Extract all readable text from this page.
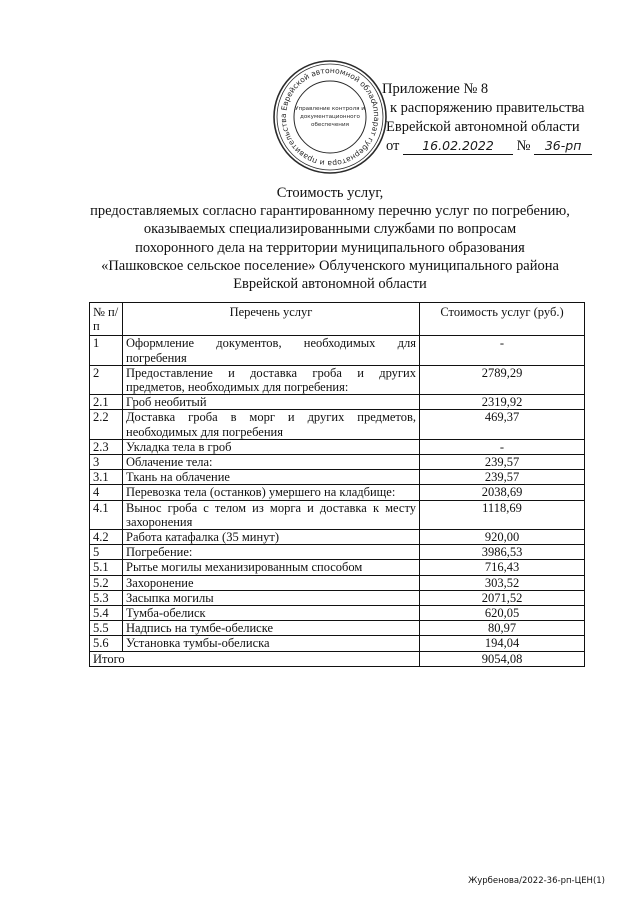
Аппарат губернатора и правительства Еврейской автономной области
Управление контроля и
документационного
обеспечения
Приложение № 8
к распоряжению правительства
Еврейской автономной области
от 16.02.2022 № 36-рп
Стоимость услуг,
предоставляемых согласно гарантированному перечню услуг по погребению,
оказываемых специализированными службами по вопросам
похоронного дела на территории муниципального образования
«Пашковское сельское поселение» Облученского муниципального района
Еврейской автономной области
№ п/п	Перечень услуг	Стоимость услуг (руб.)
1	Оформление документов, необходимых для погребения	-
2	Предоставление и доставка гроба и других предметов, необходимых для погребения:	2789,29
2.1	Гроб необитый	2319,92
2.2	Доставка гроба в морг и других предметов, необходимых для погребения	469,37
2.3	Укладка тела в гроб	-
3	Облачение тела:	239,57
3.1	Ткань на облачение	239,57
4	Перевозка тела (останков) умершего на кладбище:	2038,69
4.1	Вынос гроба с телом из морга и доставка к месту захоронения	1118,69
4.2	Работа катафалка (35 минут)	920,00
5	Погребение:	3986,53
5.1	Рытье могилы механизированным способом	716,43
5.2	Захоронение	303,52
5.3	Засыпка могилы	2071,52
5.4	Тумба-обелиск	620,05
5.5	Надпись на тумбе-обелиске	80,97
5.6	Установка тумбы-обелиска	194,04
Итого		9054,08
Журбенова/2022-36-рп-ЦЕН(1)
